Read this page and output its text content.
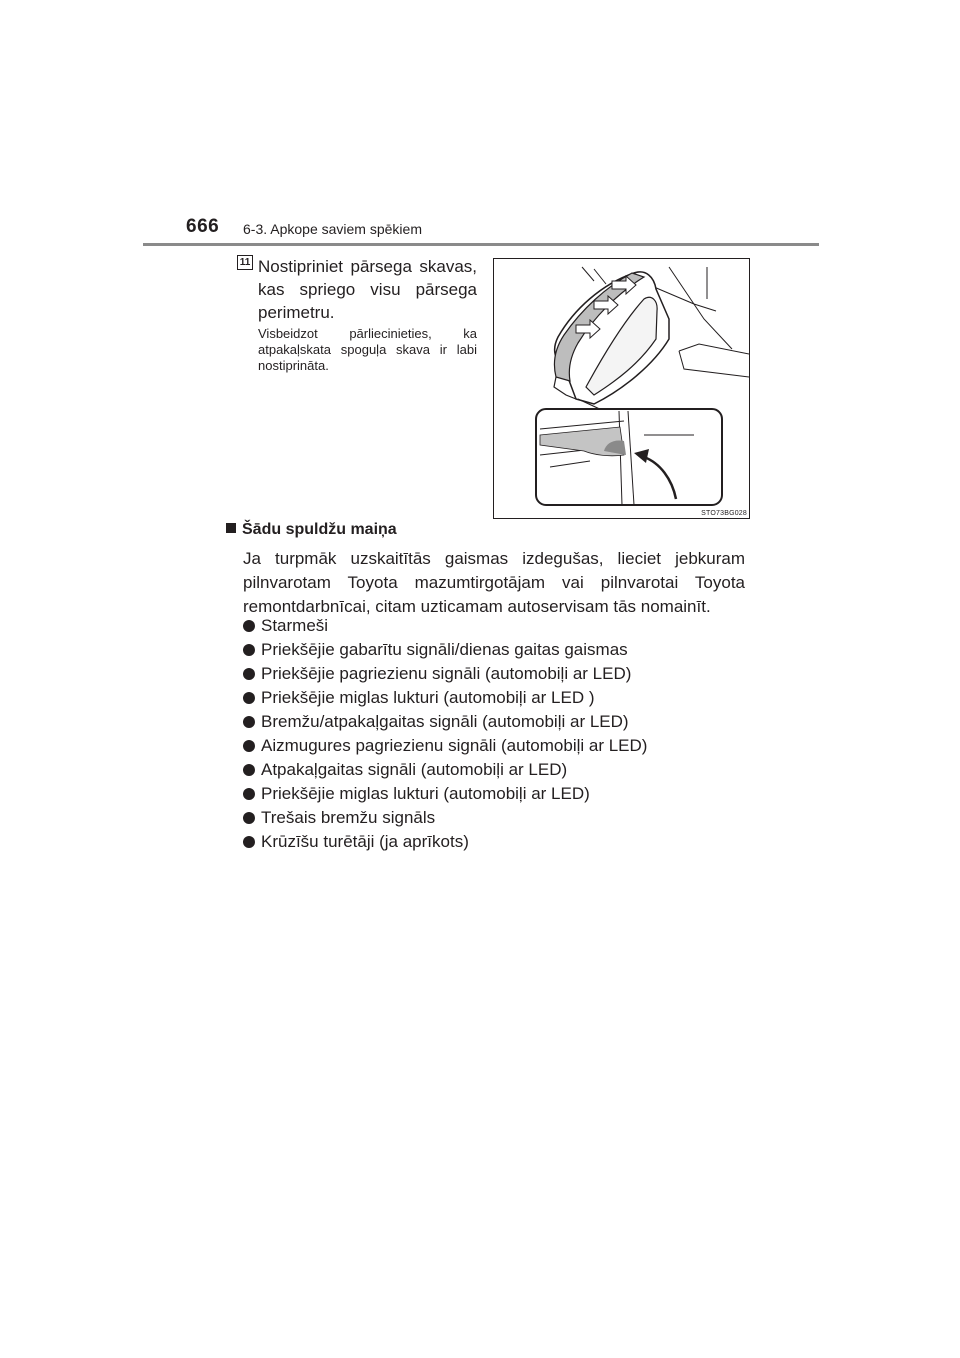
666 6-3. Apkope saviem spēkiem
11 Nostipriniet pārsega skavas, kas spriego visu pārsega perimetru.
Visbeidzot pārliecinieties, ka atpakaļskata spoguļa skava ir labi nostiprināta.
STO73BG028
Šādu spuldžu maiņa
Ja turpmāk uzskaitītās gaismas izdegušas, lieciet jebkuram pilnvarotam Toyota mazumtirgotājam vai pilnvarotai Toyota remontdarbnīcai, citam uzticamam autoservisam tās nomainīt.
Starmeši
Priekšējie gabarītu signāli/dienas gaitas gaismas
Priekšējie pagriezienu signāli (automobiļi ar LED)
Priekšējie miglas lukturi (automobiļi ar LED )
Bremžu/atpakaļgaitas signāli (automobiļi ar LED)
Aizmugures pagriezienu signāli (automobiļi ar LED)
Atpakaļgaitas signāli (automobiļi ar LED)
Priekšējie miglas lukturi (automobiļi ar LED)
Trešais bremžu signāls
Krūzīšu turētāji (ja aprīkots)
